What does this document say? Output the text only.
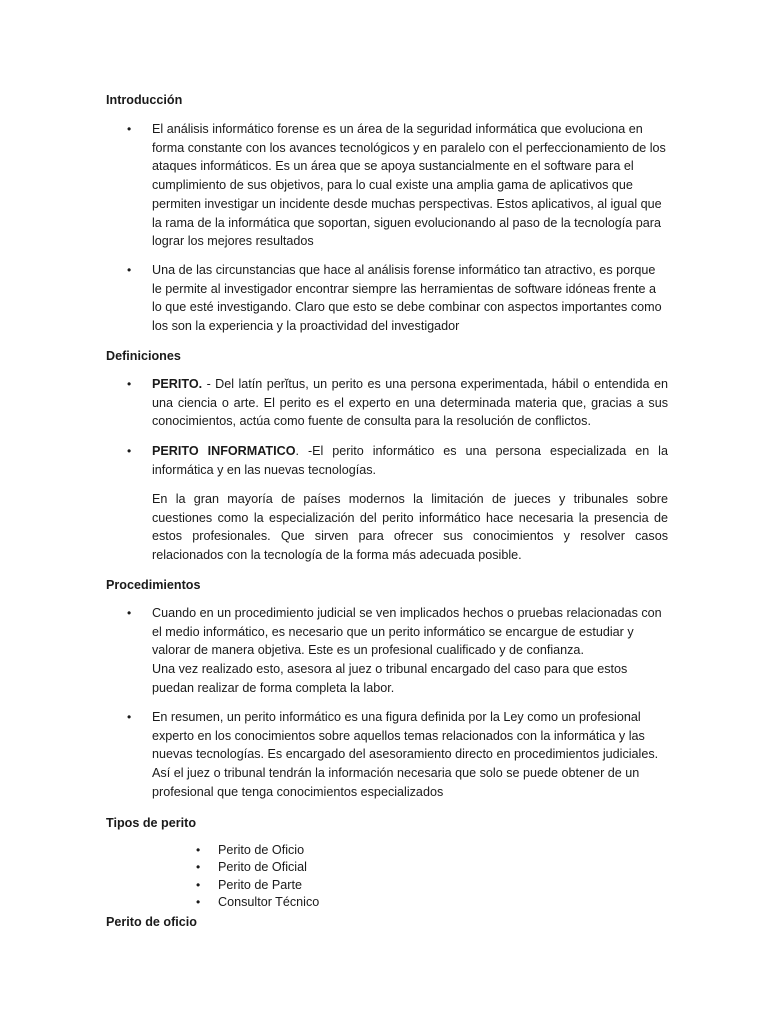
Introducción

• El análisis informático forense es un área de la seguridad informática que evoluciona en forma constante con los avances tecnológicos y en paralelo con el perfeccionamiento de los ataques informáticos. Es un área que se apoya sustancialmente en el software para el cumplimiento de sus objetivos, para lo cual existe una amplia gama de aplicativos que permiten investigar un incidente desde muchas perspectivas. Estos aplicativos, al igual que la rama de la informática que soportan, siguen evolucionando al paso de la tecnología para lograr los mejores resultados
• Una de las circunstancias que hace al análisis forense informático tan atractivo, es porque le permite al investigador encontrar siempre las herramientas de software idóneas frente a lo que esté investigando. Claro que esto se debe combinar con aspectos importantes como los son la experiencia y la proactividad del investigador

Definiciones

• PERITO. - Del latín perĭtus, un perito es una persona experimentada, hábil o entendida en una ciencia o arte. El perito es el experto en una determinada materia que, gracias a sus conocimientos, actúa como fuente de consulta para la resolución de conflictos.
• PERITO INFORMATICO. -El perito informático es una persona especializada en la informática y en las nuevas tecnologías.

En la gran mayoría de países modernos la limitación de jueces y tribunales sobre cuestiones como la especialización del perito informático hace necesaria la presencia de estos profesionales. Que sirven para ofrecer sus conocimientos y resolver casos relacionados con la tecnología de la forma más adecuada posible.

Procedimientos

• Cuando en un procedimiento judicial se ven implicados hechos o pruebas relacionadas con el medio informático, es necesario que un perito informático se encargue de estudiar y valorar de manera objetiva. Este es un profesional cualificado y de confianza.
Una vez realizado esto, asesora al juez o tribunal encargado del caso para que estos puedan realizar de forma completa la labor.
• En resumen, un perito informático es una figura definida por la Ley como un profesional experto en los conocimientos sobre aquellos temas relacionados con la informática y las nuevas tecnologías. Es encargado del asesoramiento directo en procedimientos judiciales. Así el juez o tribunal tendrán la información necesaria que solo se puede obtener de un profesional que tenga conocimientos especializados

Tipos de perito

• Perito de Oficio
• Perito de Oficial
• Perito de Parte
• Consultor Técnico

Perito de oficio
